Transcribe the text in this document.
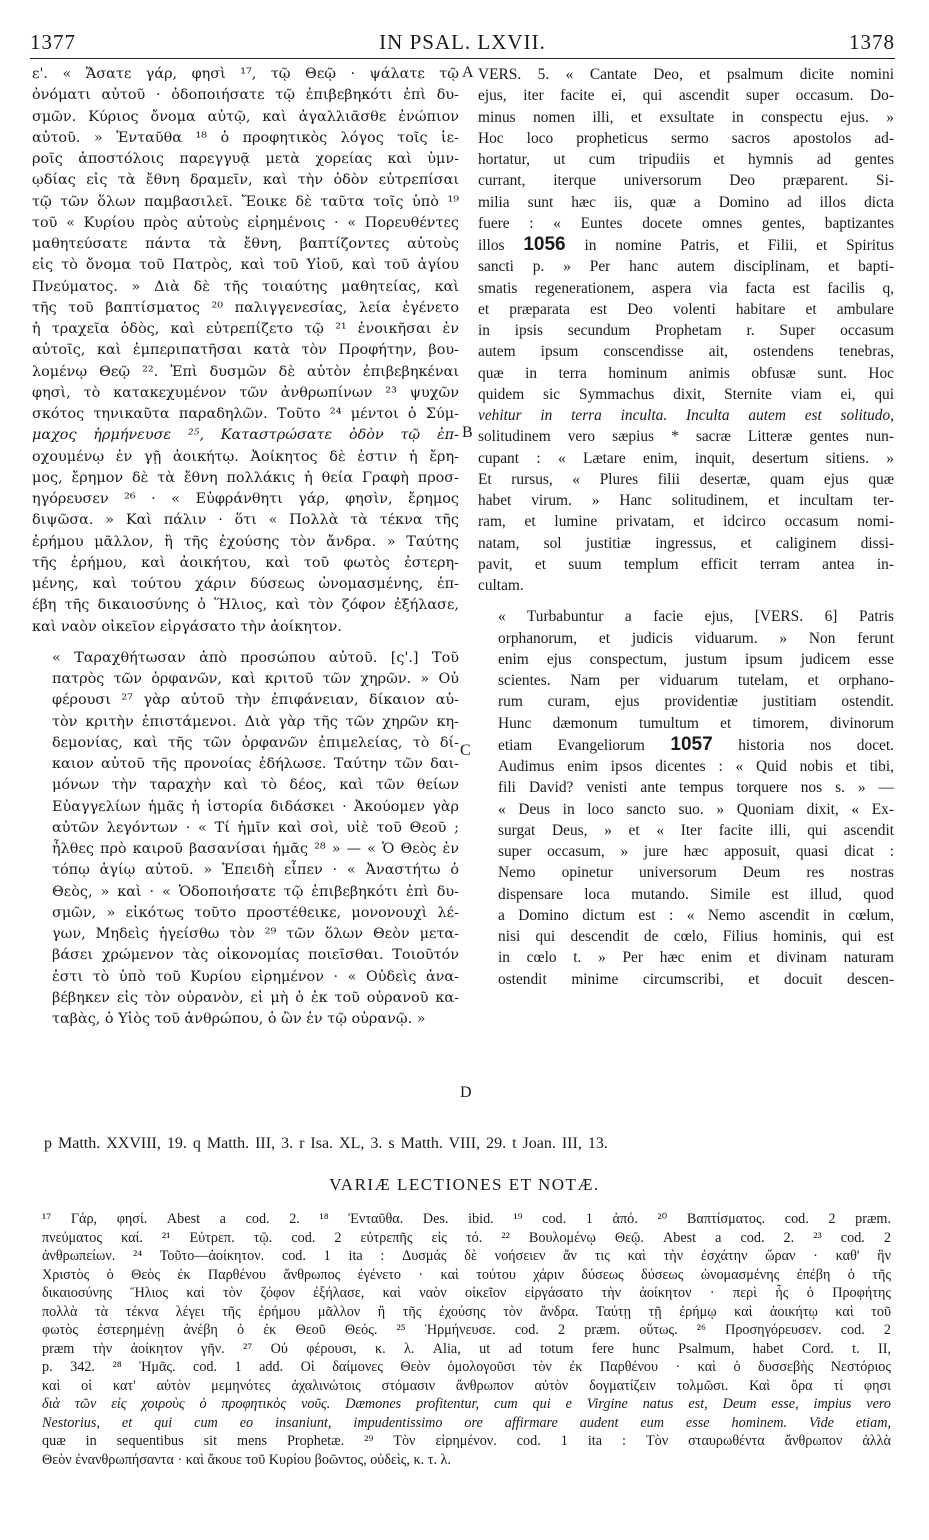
1377	IN PSAL. LXVII.	1378

ε'. « Ἄσατε γάρ, φησὶ ¹⁷, τῷ Θεῷ · ψάλατε τῷ
ὀνόματι αὐτοῦ · ὁδοποιήσατε τῷ ἐπιβεβηκότι ἐπὶ δυ-
σμῶν. Κύριος ὄνομα αὐτῷ, καὶ ἀγαλλιᾶσθε ἐνώπιον
αὐτοῦ. » Ἐνταῦθα ¹⁸ ὁ προφητικὸς λόγος τοῖς ἱε-
ροῖς ἀποστόλοις παρεγγυᾷ μετὰ χορείας καὶ ὑμν-
ῳδίας εἰς τὰ ἔθνη δραμεῖν, καὶ τὴν ὁδὸν εὐτρεπίσαι
τῷ τῶν ὅλων παμβασιλεῖ. Ἔοικε δὲ ταῦτα τοῖς ὑπὸ ¹⁹
τοῦ « Κυρίου πρὸς αὐτοὺς εἰρημένοις · « Πορευθέντες
μαθητεύσατε πάντα τὰ ἔθνη, βαπτίζοντες αὐτοὺς
εἰς τὸ ὄνομα τοῦ Πατρὸς, καὶ τοῦ Υἱοῦ, καὶ τοῦ ἁγίου
Πνεύματος. » Διὰ δὲ τῆς τοιαύτης μαθητείας, καὶ
τῆς τοῦ βαπτίσματος ²⁰ παλιγγενεσίας, λεία ἐγένετο
ἡ τραχεῖα ὁδὸς, καὶ εὐτρεπίζετο τῷ ²¹ ἐνοικῆσαι ἐν
αὐτοῖς, καὶ ἐμπεριπατῆσαι κατὰ τὸν Προφήτην, βου-
λομένῳ Θεῷ ²². Ἐπὶ δυσμῶν δὲ αὐτὸν ἐπιβεβηκέναι
φησὶ, τὸ κατακεχυμένον τῶν ἀνθρωπίνων ²³ ψυχῶν
σκότος τηνικαῦτα παραδηλῶν. Τοῦτο ²⁴ μέντοι ὁ Σύμ-
μαχος ἡρμήνευσε ²⁵, Καταστρώσατε ὁδὸν τῷ ἐπ-
οχουμένῳ ἐν γῇ ἀοικήτῳ. Ἀοίκητος δὲ ἐστιν ἡ ἔρη-
μος, ἔρημον δὲ τὰ ἔθνη πολλάκις ἡ θεία Γραφὴ προσ-
ηγόρευσεν ²⁶ · « Εὐφράνθητι γάρ, φησὶν, ἔρημος
διψῶσα. » Καὶ πάλιν · ὅτι « Πολλὰ τὰ τέκνα τῆς
ἐρήμου μᾶλλον, ἢ τῆς ἐχούσης τὸν ἄνδρα. » Ταύτης
τῆς ἐρήμου, καὶ ἀοικήτου, καὶ τοῦ φωτὸς ἐστερη-
μένης, καὶ τούτου χάριν δύσεως ὠνομασμένης, ἐπ-
έβη τῆς δικαιοσύνης ὁ Ἥλιος, καὶ τὸν ζόφον ἐξήλασε,
καὶ ναὸν οἰκεῖον εἰργάσατο τὴν ἀοίκητον.

« Ταραχθήτωσαν ἀπὸ προσώπου αὐτοῦ. [ς'.] Τοῦ
πατρὸς τῶν ὀρφανῶν, καὶ κριτοῦ τῶν χηρῶν. » Οὐ
φέρουσι ²⁷ γὰρ αὐτοῦ τὴν ἐπιφάνειαν, δίκαιον αὐ-
τὸν κριτὴν ἐπιστάμενοι. Διὰ γὰρ τῆς τῶν χηρῶν κη-
δεμονίας, καὶ τῆς τῶν ὀρφανῶν ἐπιμελείας, τὸ δί-
καιον αὐτοῦ τῆς προνοίας ἐδήλωσε. Ταύτην τῶν δαι-
μόνων τὴν ταραχὴν καὶ τὸ δέος, καὶ τῶν θείων
Εὐαγγελίων ἡμᾶς ἡ ἱστορία διδάσκει · Ἀκούομεν γὰρ
αὐτῶν λεγόντων · « Τί ἡμῖν καὶ σοὶ, υἱὲ τοῦ Θεοῦ ;
ἦλθες πρὸ καιροῦ βασανίσαι ἡμᾶς ²⁸ » — « Ὁ Θεὸς ἐν
τόπῳ ἁγίῳ αὐτοῦ. » Ἐπειδὴ εἶπεν · « Ἀναστήτω ὁ
Θεὸς, » καὶ · « Ὁδοποιήσατε τῷ ἐπιβεβηκότι ἐπὶ δυ-
σμῶν, » εἰκότως τοῦτο προστέθεικε, μονονουχὶ λέ-
γων, Μηδεὶς ἡγείσθω τὸν ²⁹ τῶν ὅλων Θεὸν μετα-
βάσει χρώμενον τὰς οἰκονομίας ποιεῖσθαι. Τοιοῦτόν
ἐστι τὸ ὑπὸ τοῦ Κυρίου εἰρημένον · « Οὐδεὶς ἀνα-
βέβηκεν εἰς τὸν οὐρανὸν, εἰ μὴ ὁ ἐκ τοῦ οὐρανοῦ κα-
ταβὰς, ὁ Υἱὸς τοῦ ἀνθρώπου, ὁ ὢν ἐν τῷ οὐρανῷ. »

A
B
C
D

VERS. 5. « Cantate Deo, et psalmum dicite nomini
ejus, iter facite ei, qui ascendit super occasum. Do-
minus nomen illi, et exsultate in conspectu ejus. »
Hoc loco propheticus sermo sacros apostolos ad-
hortatur, ut cum tripudiis et hymnis ad gentes
currant, iterque universorum Deo præparent. Si-
milia sunt hæc iis, quæ a Domino ad illos dicta
fuere : « Euntes docete omnes gentes, baptizantes
illos 1056 in nomine Patris, et Filii, et Spiritus
sancti p. » Per hanc autem disciplinam, et bapti-
smatis regenerationem, aspera via facta est facilis q,
et præparata est Deo volenti habitare et ambulare
in ipsis secundum Prophetam r. Super occasum
autem ipsum conscendisse ait, ostendens tenebras,
quæ in terra hominum animis obfusæ sunt. Hoc
quidem sic Symmachus dixit, Sternite viam ei, qui
vehitur in terra inculta. Inculta autem est solitudo,
solitudinem vero sæpius * sacræ Litteræ gentes nun-
cupant : « Lætare enim, inquit, desertum sitiens. »
Et rursus, « Plures filii desertæ, quam ejus quæ
habet virum. » Hanc solitudinem, et incultam ter-
ram, et lumine privatam, et idcirco occasum nomi-
natam, sol justitiæ ingressus, et caliginem dissi-
pavit, et suum templum efficit terram antea in-
cultam.

« Turbabuntur a facie ejus, [VERS. 6] Patris
orphanorum, et judicis viduarum. » Non ferunt
enim ejus conspectum, justum ipsum judicem esse
scientes. Nam per viduarum tutelam, et orphano-
rum curam, ejus providentiæ justitiam ostendit.
Hunc dæmonum tumultum et timorem, divinorum
etiam Evangeliorum 1057 historia nos docet.
Audimus enim ipsos dicentes : « Quid nobis et tibi,
fili David? venisti ante tempus torquere nos s. » —
« Deus in loco sancto suo. » Quoniam dixit, « Ex-
surgat Deus, » et « Iter facite illi, qui ascendit
super occasum, » jure hæc apposuit, quasi dicat :
Nemo opinetur universorum Deum res nostras
dispensare loca mutando. Simile est illud, quod
a Domino dictum est : « Nemo ascendit in cœlum,
nisi qui descendit de cœlo, Filius hominis, qui est
in cœlo t. » Per hæc enim et divinam naturam
ostendit minime circumscribi, et docuit descen-

p Matth. XXVIII, 19. q Matth. III, 3. r Isa. XL, 3. s Matth. VIII, 29. t Joan. III, 13.
VARIÆ LECTIONES ET NOTÆ.
¹⁷ Γάρ, φησί. Abest a cod. 2. ¹⁸ Ἐνταῦθα. Des. ibid. ¹⁹ cod. 1 ἀπό. ²⁰ Βαπτίσματος. cod. 2 præm.
πνεύματος καί. ²¹ Εὐτρεπ. τῷ. cod. 2 εὐτρεπῆς εἰς τό. ²² Βουλομένῳ Θεῷ. Abest a cod. 2. ²³ cod. 2
ἀνθρωπείων. ²⁴ Τοῦτο—ἀοίκητον. cod. 1 ita : Δυσμάς δὲ νοήσειεν ἄν τις καὶ τὴν ἐσχάτην ὥραν · καθ' ἣν
Χριστὸς ὁ Θεὸς ἐκ Παρθένου ἄνθρωπος ἐγένετο · καὶ τούτου χάριν δύσεως δύσεως ὠνομασμένης ἐπέβη ὁ τῆς
δικαιοσύνης Ἥλιος καὶ τὸν ζόφον ἐξήλασε, καὶ ναὸν οἰκεῖον εἰργάσατο τὴν ἀοίκητον · περὶ ἧς ὁ Προφήτης
πολλὰ τὰ τέκνα λέγει τῆς ἐρήμου μᾶλλον ἢ τῆς ἐχούσης τὸν ἄνδρα. Ταύτῃ τῇ ἐρήμῳ καὶ ἀοικήτῳ καὶ τοῦ
φωτὸς ἐστερημένῃ ἀνέβη ὁ ἐκ Θεοῦ Θεός. ²⁵ Ἡρμήνευσε. cod. 2 præm. οὕτως. ²⁶ Προσηγόρευσεν. cod. 2
præm τὴν ἀοίκητον γῆν. ²⁷ Οὐ φέρουσι, κ. λ. Alia, ut ad totum fere hunc Psalmum, habet Cord. t. II,
p. 342. ²⁸ Ἡμᾶς. cod. 1 add. Οἱ δαίμονες Θεὸν ὁμολογοῦσι τὸν ἐκ Παρθένου · καὶ ὁ δυσσεβὴς Νεστόριος
καὶ οἱ κατ' αὐτὸν μεμηνότες ἀχαλινώτοις στόμασιν ἄνθρωπον αὐτὸν δογματίζειν τολμῶσι. Καὶ ὅρα τί φησι
διὰ τῶν εἰς χοιροὺς ὁ προφητικὸς νοῦς. Dæmones profitentur, cum qui e Virgine natus est, Deum esse, impius vero
Nestorius, et qui cum eo insaniunt, impudentissimo ore affirmare audent eum esse hominem. Vide etiam,
quæ in sequentibus sit mens Prophetæ. ²⁹ Τὸν εἰρημένον. cod. 1 ita : Τὸν σταυρωθέντα ἄνθρωπον ἀλλὰ
Θεὸν ἐνανθρωπήσαντα · καὶ ἄκουε τοῦ Κυρίου βοῶντος, οὐδεὶς, κ. τ. λ.
